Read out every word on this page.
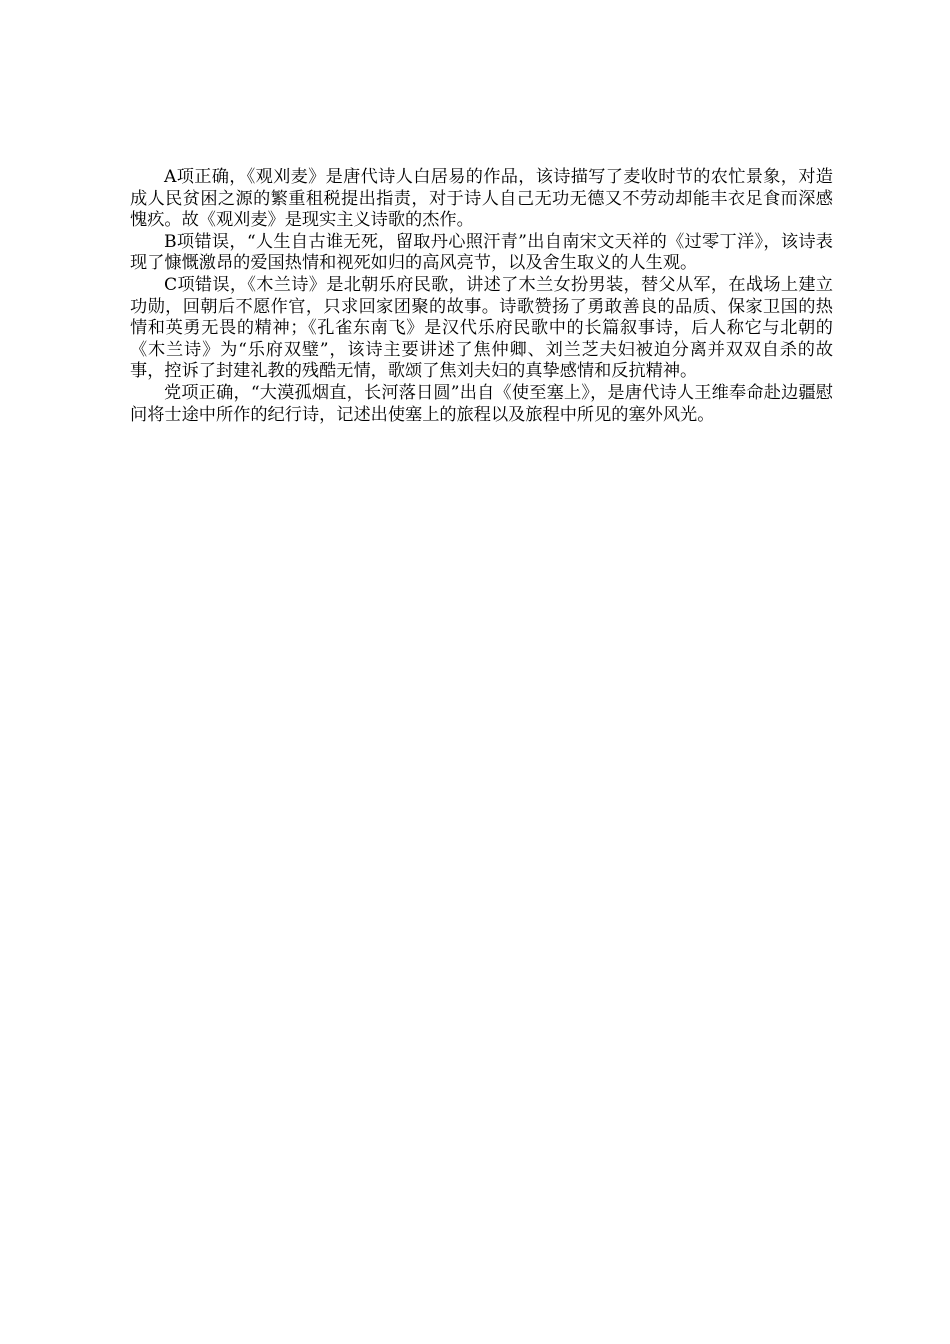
A项正确，《观刈麦》是唐代诗人白居易的作品，该诗描写了麦收时节的农忙景象，对造成人民贫困之源的繁重租税提出指责，对于诗人自己无功无德又不劳动却能丰衣足食而深感愧疚。故《观刈麦》是现实主义诗歌的杰作。

B项错误，“人生自古谁无死，留取丹心照汗青”出自南宋文天祥的《过零丁洋》，该诗表现了慷慨激昂的爱国热情和视死如归的高风亮节，以及舍生取义的人生观。

C项错误，《木兰诗》是北朝乐府民歌，讲述了木兰女扮男装，替父从军，在战场上建立功勋，回朝后不愿作官，只求回家团聚的故事。诗歌赞扬了勇敢善良的品质、保家卫国的热情和英勇无畏的精神；《孔雀东南飞》是汉代乐府民歌中的长篇叙事诗，后人称它与北朝的《木兰诗》为“乐府双璧”，该诗主要讲述了焦仲卿、刘兰芝夫妇被迫分离并双双自杀的故事，控诉了封建礼教的残酷无情，歌颂了焦刘夫妇的真挚感情和反抗精神。

党项正确，“大漠孤烟直，长河落日圆”出自《使至塞上》，是唐代诗人王维奉命赴边疆慰问将士途中所作的纪行诗，记述出使塞上的旅程以及旅程中所见的塞外风光。
